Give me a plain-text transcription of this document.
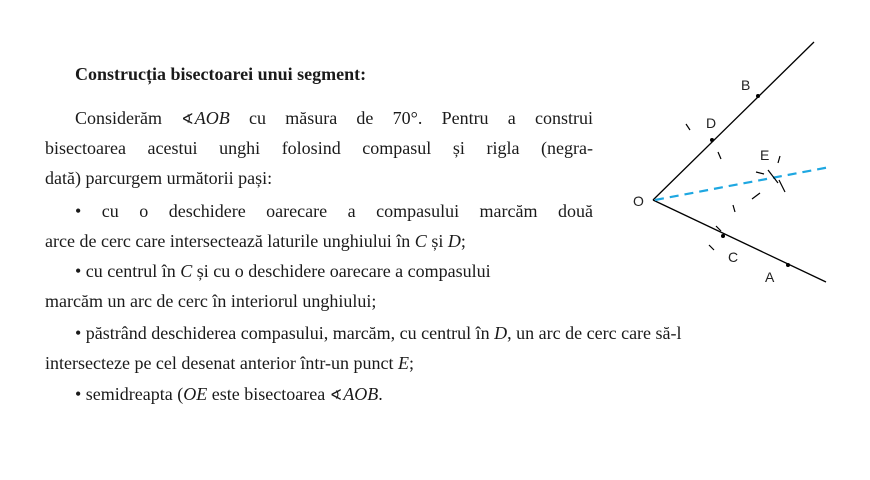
Construcția bisectoarei unui segment:
Considerăm ∢AOB cu măsura de 70°. Pentru a construi
bisectoarea acestui unghi folosind compasul și rigla (negra-
dată) parcurgem următorii pași:
• cu o deschidere oarecare a compasului marcăm două
arce de cerc care intersectează laturile unghiului în C și D;
• cu centrul în C și cu o deschidere oarecare a compasului
marcăm un arc de cerc în interiorul unghiului;
• păstrând deschiderea compasului, marcăm, cu centrul în D, un arc de cerc care să-l
intersecteze pe cel desenat anterior într-un punct E;
• semidreapta (OE este bisectoarea ∢AOB.
O
B
D
E
C
A
